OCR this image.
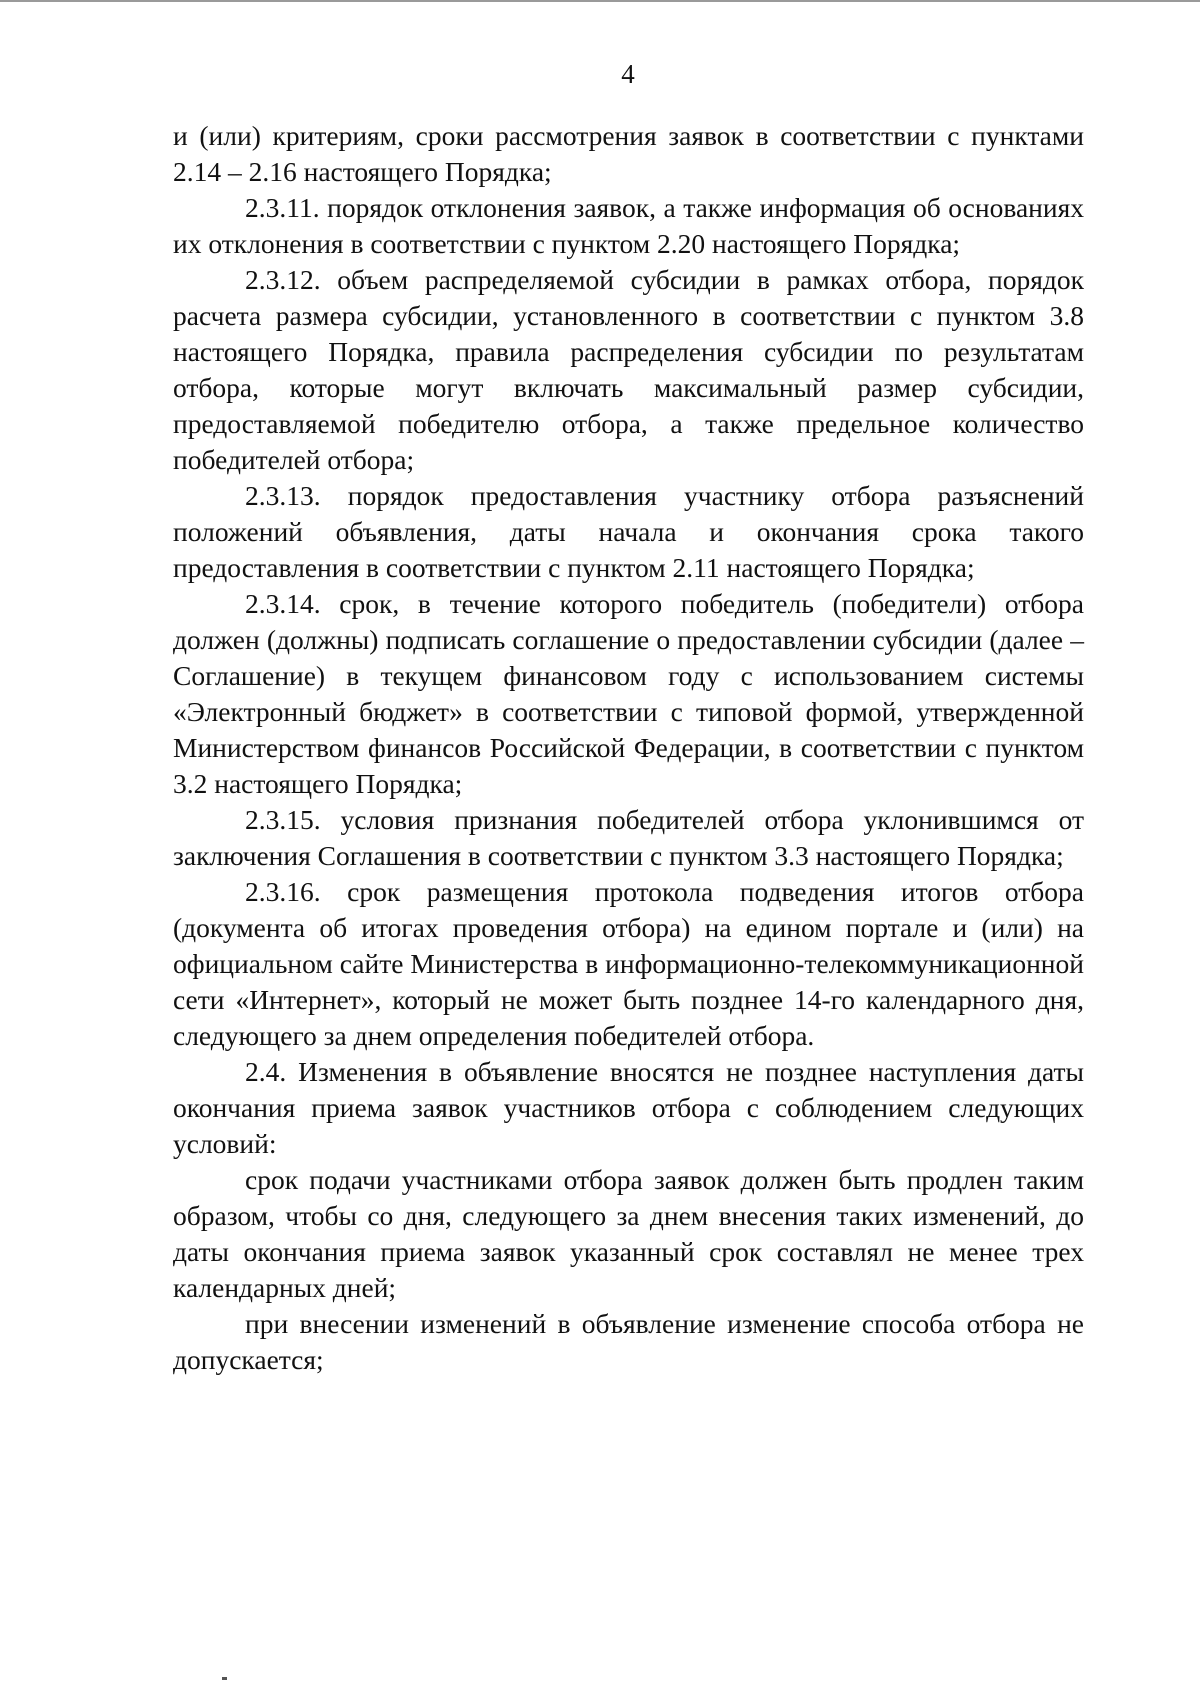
4

и (или) критериям, сроки рассмотрения заявок в соответствии с пунктами 2.14 – 2.16 настоящего Порядка;

2.3.11. порядок отклонения заявок, а также информация об основаниях их отклонения в соответствии с пунктом 2.20 настоящего Порядка;

2.3.12. объем распределяемой субсидии в рамках отбора, порядок расчета размера субсидии, установленного в соответствии с пунктом 3.8 настоящего Порядка, правила распределения субсидии по результатам отбора, которые могут включать максимальный размер субсидии, предоставляемой победителю отбора, а также предельное количество победителей отбора;

2.3.13. порядок предоставления участнику отбора разъяснений положений объявления, даты начала и окончания срока такого предоставления в соответствии с пунктом 2.11 настоящего Порядка;

2.3.14. срок, в течение которого победитель (победители) отбора должен (должны) подписать соглашение о предоставлении субсидии (далее – Соглашение) в текущем финансовом году с использованием системы «Электронный бюджет» в соответствии с типовой формой, утвержденной Министерством финансов Российской Федерации, в соответствии с пунктом 3.2 настоящего Порядка;

2.3.15. условия признания победителей отбора уклонившимся от заключения Соглашения в соответствии с пунктом 3.3 настоящего Порядка;

2.3.16. срок размещения протокола подведения итогов отбора (документа об итогах проведения отбора) на едином портале и (или) на официальном сайте Министерства в информационно-телекоммуникационной сети «Интернет», который не может быть позднее 14-го календарного дня, следующего за днем определения победителей отбора.

2.4. Изменения в объявление вносятся не позднее наступления даты окончания приема заявок участников отбора с соблюдением следующих условий:

срок подачи участниками отбора заявок должен быть продлен таким образом, чтобы со дня, следующего за днем внесения таких изменений, до даты окончания приема заявок указанный срок составлял не менее трех календарных дней;

при внесении изменений в объявление изменение способа отбора не допускается;
